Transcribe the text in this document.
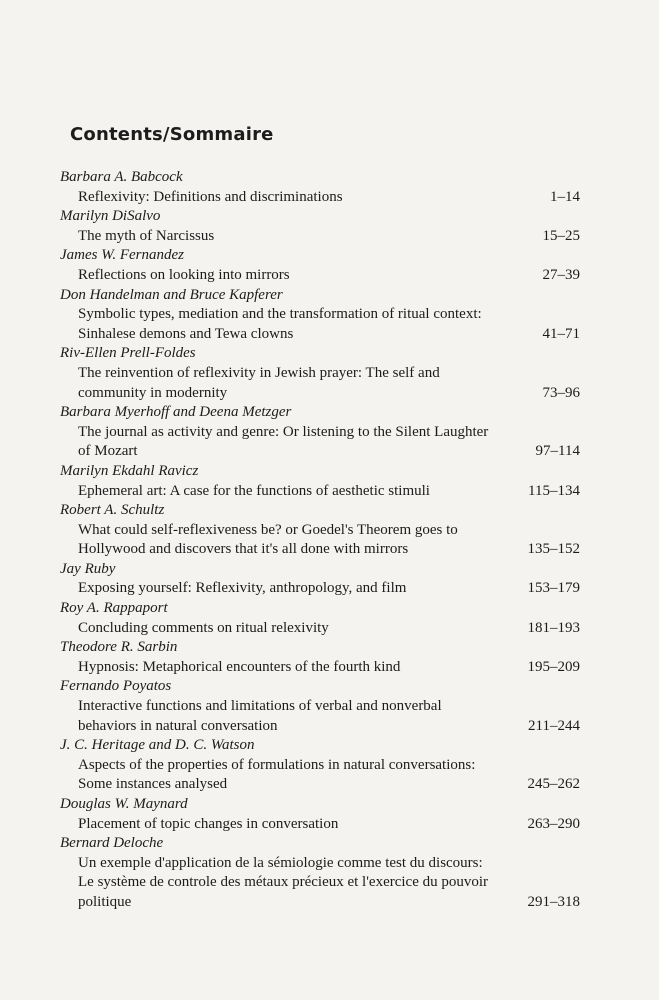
Contents/Sommaire
Barbara A. Babcock
Reflexivity: Definitions and discriminations	1–14
Marilyn DiSalvo
The myth of Narcissus	15–25
James W. Fernandez
Reflections on looking into mirrors	27–39
Don Handelman and Bruce Kapferer
Symbolic types, mediation and the transformation of ritual context: Sinhalese demons and Tewa clowns	41–71
Riv-Ellen Prell-Foldes
The reinvention of reflexivity in Jewish prayer: The self and community in modernity	73–96
Barbara Myerhoff and Deena Metzger
The journal as activity and genre: Or listening to the Silent Laughter of Mozart	97–114
Marilyn Ekdahl Ravicz
Ephemeral art: A case for the functions of aesthetic stimuli	115–134
Robert A. Schultz
What could self-reflexiveness be? or Goedel's Theorem goes to Hollywood and discovers that it's all done with mirrors	135–152
Jay Ruby
Exposing yourself: Reflexivity, anthropology, and film	153–179
Roy A. Rappaport
Concluding comments on ritual relexivity	181–193
Theodore R. Sarbin
Hypnosis: Metaphorical encounters of the fourth kind	195–209
Fernando Poyatos
Interactive functions and limitations of verbal and nonverbal behaviors in natural conversation	211–244
J. C. Heritage and D. C. Watson
Aspects of the properties of formulations in natural conversations: Some instances analysed	245–262
Douglas W. Maynard
Placement of topic changes in conversation	263–290
Bernard Deloche
Un exemple d'application de la sémiologie comme test du discours: Le système de controle des métaux précieux et l'exercice du pouvoir politique	291–318
